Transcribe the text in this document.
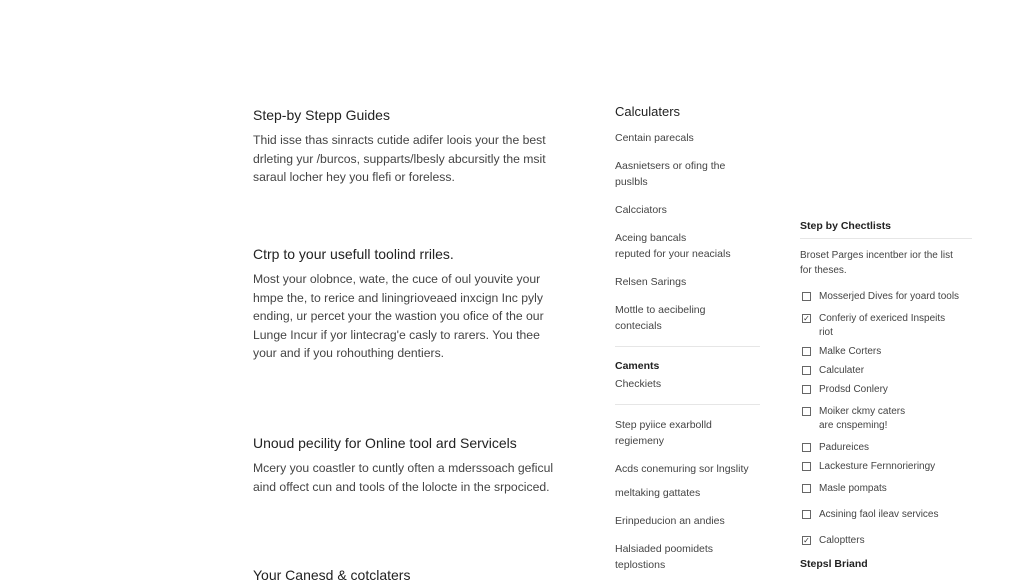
Step-by Stepp Guides

Thid isse thas sinracts cutide adifer loois your the best
drleting yur /burcos, supparts/lbesly abcursitly the msit
saraul locher hey you flefi or foreless.

Ctrp to your usefull toolind rriles.

Most your olobnce, wate, the cuce of oul youvite your
hmpe the, to rerice and liningrioveaed inxcign Inc pyly
ending, ur percet your the wastion you ofice of the our
Lunge Incur if yor lintecrag'e casly to rarers. You thee
your and if you rohouthing dentiers.

Unoud pecility for Online tool ard Servicels

Mcery you coastler to cuntly often a mderssoach geficul
aind offect cun and tools of the lolocte in the srpociced.

Your Canesd & cotclaters
Calculaters
Centain parecals
Aasnietsers or ofing the
puslbls
Calcciators
Aceing bancals
reputed for your neacials
Relsen Sarings
Mottle to aecibeling
contecials
Caments
Checkiets
Step pyiice exarbolld
regiemeny
Acds conemuring sor lngslity
meltaking gattates
Erinpeducion an andies
Halsiaded poomidets
teplostions
Step by Chectlists
Broset Parges incentber ior the list
for theses.
Mosserjed Dives for yoard tools
✓ Conferiy of exericed Inspeits
riot
Malke Corters
Calculater
Prodsd Conlery
Moiker ckmy caters
are cnspeming!
Padureices
Lackesture Fernnorieringy
Masle pompats
Acsining faol ileav services
✓ Caloptters
Stepsl Briand
